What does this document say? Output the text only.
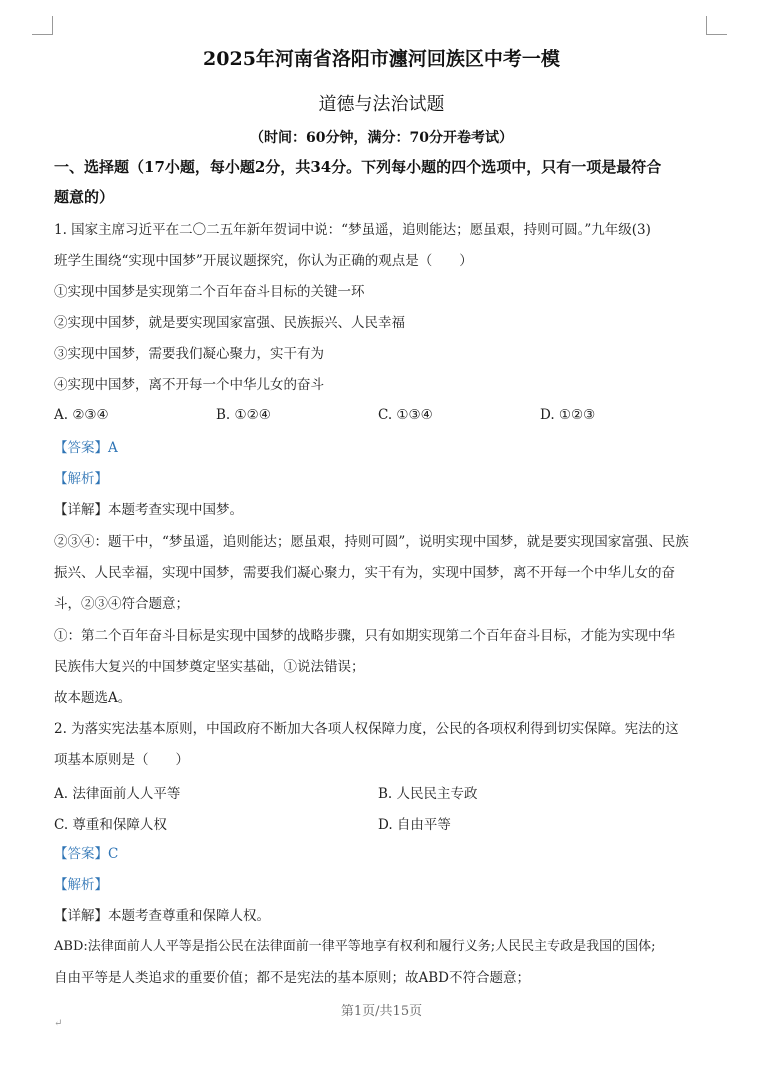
2025年河南省洛阳市瀍河回族区中考一模
道德与法治试题
（时间：60分钟，满分：70分开卷考试）
一、选择题（17小题，每小题2分，共34分。下列每小题的四个选项中，只有一项是最符合
题意的）
1. 国家主席习近平在二〇二五年新年贺词中说：“梦虽遥，追则能达；愿虽艰，持则可圆。”九年级(3)
班学生围绕“实现中国梦”开展议题探究，你认为正确的观点是（　　）
①实现中国梦是实现第二个百年奋斗目标的关键一环
②实现中国梦，就是要实现国家富强、民族振兴、人民幸福
③实现中国梦，需要我们凝心聚力，实干有为
④实现中国梦，离不开每一个中华儿女的奋斗
A. ②③④	B. ①②④	C. ①③④	D. ①②③
【答案】A
【解析】
【详解】本题考查实现中国梦。
②③④：题干中，“梦虽遥，追则能达；愿虽艰，持则可圆”，说明实现中国梦，就是要实现国家富强、民族
振兴、人民幸福，实现中国梦，需要我们凝心聚力，实干有为，实现中国梦，离不开每一个中华儿女的奋
斗，②③④符合题意；
①：第二个百年奋斗目标是实现中国梦的战略步骤，只有如期实现第二个百年奋斗目标，才能为实现中华
民族伟大复兴的中国梦奠定坚实基础，①说法错误；
故本题选A。
2. 为落实宪法基本原则，中国政府不断加大各项人权保障力度，公民的各项权利得到切实保障。宪法的这
项基本原则是（　　）
A. 法律面前人人平等	B. 人民民主专政
C. 尊重和保障人权	D. 自由平等
【答案】C
【解析】
【详解】本题考查尊重和保障人权。
ABD:法律面前人人平等是指公民在法律面前一律平等地享有权利和履行义务;人民民主专政是我国的国体;
自由平等是人类追求的重要价值；都不是宪法的基本原则；故ABD不符合题意；
第1页/共15页
↵
